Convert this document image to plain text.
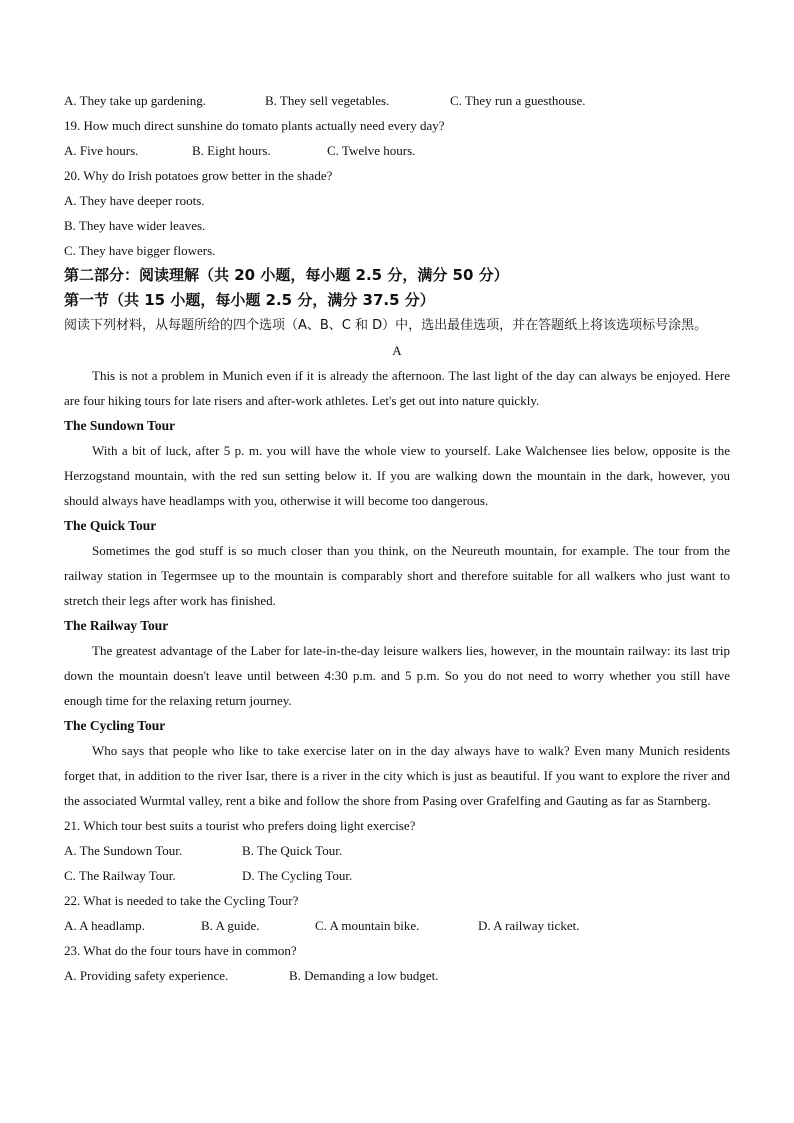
A. They take up gardening.	B. They sell vegetables.	C. They run a guesthouse.
19. How much direct sunshine do tomato plants actually need every day?
A. Five hours.	B. Eight hours.	C. Twelve hours.
20. Why do Irish potatoes grow better in the shade?
A. They have deeper roots.
B. They have wider leaves.
C. They have bigger flowers.
第二部分：阅读理解（共 20 小题，每小题 2.5 分，满分 50 分）
第一节（共 15 小题，每小题 2.5 分，满分 37.5 分）
阅读下列材料，从每题所给的四个选项（A、B、C 和 D）中，选出最佳选项，并在答题纸上将该选项标号涂黑。
A
This is not a problem in Munich even if it is already the afternoon. The last light of the day can always be enjoyed. Here are four hiking tours for late risers and after-work athletes. Let's get out into nature quickly.
The Sundown Tour
With a bit of luck, after 5 p. m. you will have the whole view to yourself. Lake Walchensee lies below, opposite is the Herzogstand mountain, with the red sun setting below it. If you are walking down the mountain in the dark, however, you should always have headlamps with you, otherwise it will become too dangerous.
The Quick Tour
Sometimes the god stuff is so much closer than you think, on the Neureuth mountain, for example. The tour from the railway station in Tegermsee up to the mountain is comparably short and therefore suitable for all walkers who just want to stretch their legs after work has finished.
The Railway Tour
The greatest advantage of the Laber for late-in-the-day leisure walkers lies, however, in the mountain railway: its last trip down the mountain doesn't leave until between 4:30 p.m. and 5 p.m. So you do not need to worry whether you still have enough time for the relaxing return journey.
The Cycling Tour
Who says that people who like to take exercise later on in the day always have to walk? Even many Munich residents forget that, in addition to the river Isar, there is a river in the city which is just as beautiful. If you want to explore the river and the associated Wurmtal valley, rent a bike and follow the shore from Pasing over Grafelfing and Gauting as far as Starnberg.
21. Which tour best suits a tourist who prefers doing light exercise?
A. The Sundown Tour.	B. The Quick Tour.
C. The Railway Tour.	D. The Cycling Tour.
22. What is needed to take the Cycling Tour?
A. A headlamp.	B. A guide.	C. A mountain bike.	D. A railway ticket.
23. What do the four tours have in common?
A. Providing safety experience.	B. Demanding a low budget.
